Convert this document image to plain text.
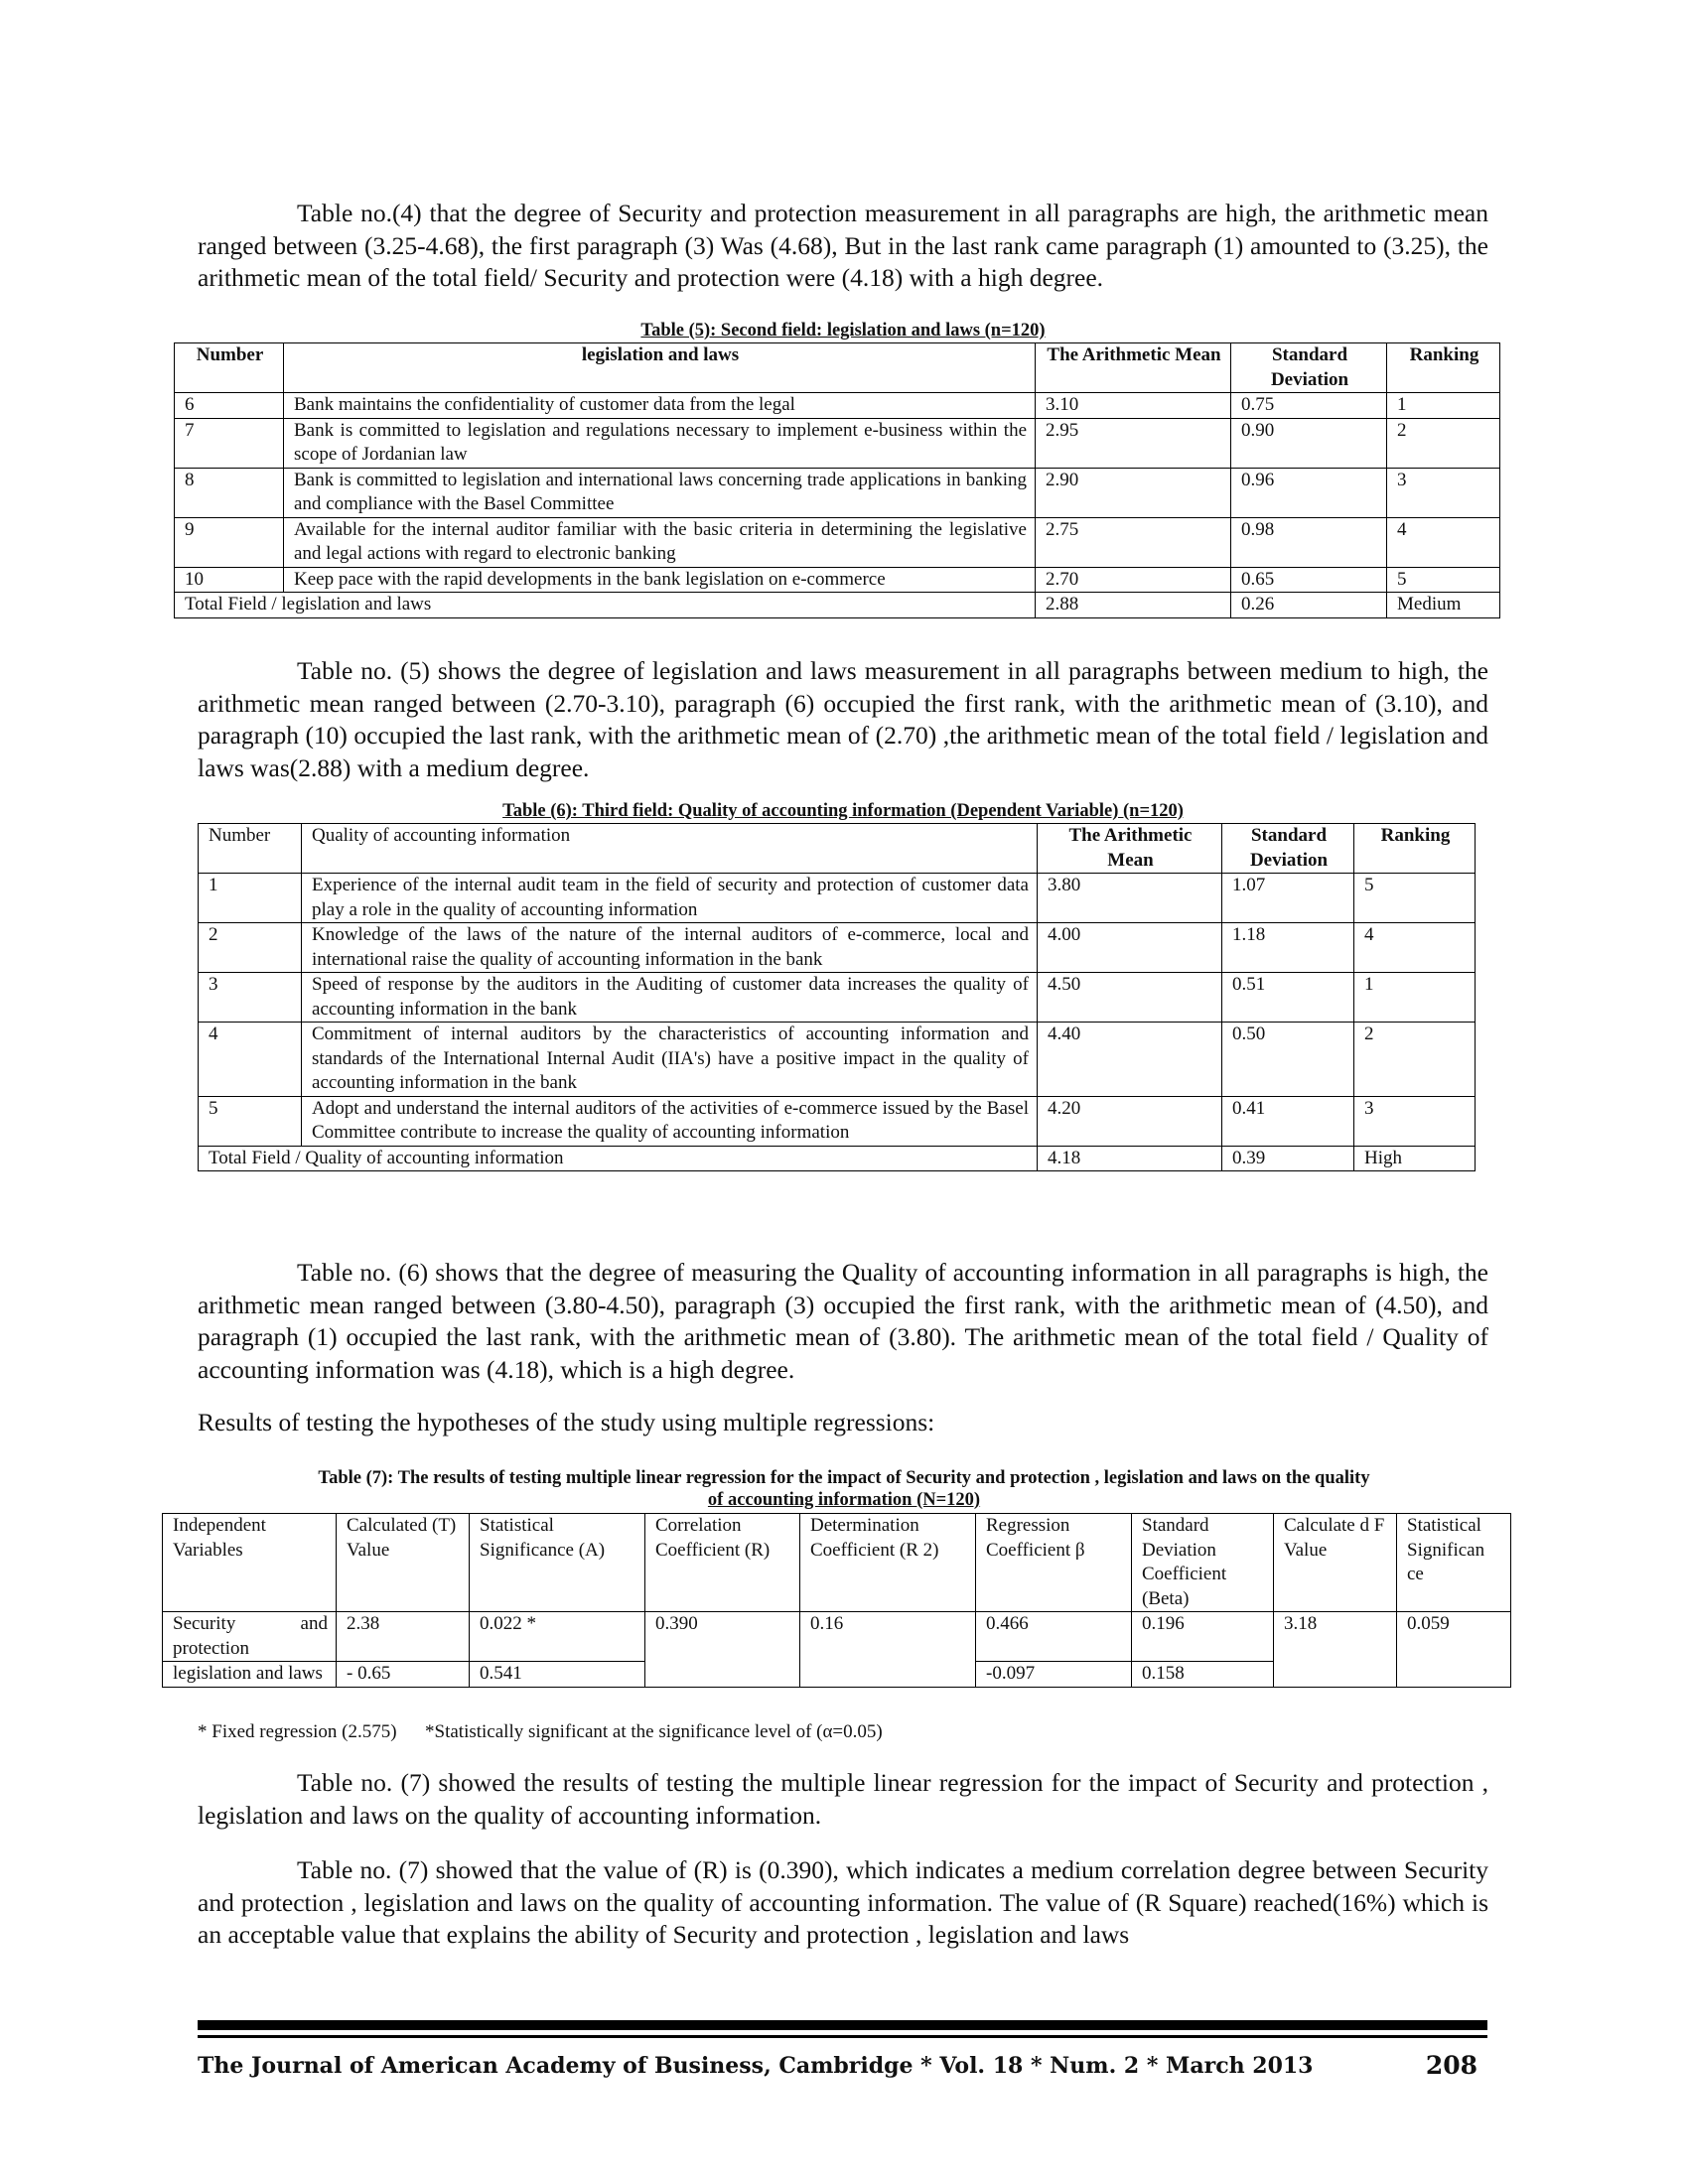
Table no.(4) that the degree of Security and protection measurement in all paragraphs are high, the arithmetic mean ranged between (3.25-4.68), the first paragraph (3) Was (4.68), But in the last rank came paragraph (1) amounted to (3.25), the arithmetic mean of the total field/ Security and protection were (4.18) with a high degree.

Table (5): Second field: legislation and laws (n=120)

Number	legislation and laws	The Arithmetic Mean	Standard Deviation	Ranking
6	Bank maintains the confidentiality of customer data from the legal	3.10	0.75	1
7	Bank is committed to legislation and regulations necessary to implement e-business within the scope of Jordanian law	2.95	0.90	2
8	Bank is committed to legislation and international laws concerning trade applications in banking and compliance with the Basel Committee	2.90	0.96	3
9	Available for the internal auditor familiar with the basic criteria in determining the legislative and legal actions with regard to electronic banking	2.75	0.98	4
10	Keep pace with the rapid developments in the bank legislation on e-commerce	2.70	0.65	5
Total Field / legislation and laws		2.88	0.26	Medium

Table no. (5) shows the degree of legislation and laws measurement in all paragraphs between medium to high, the arithmetic mean ranged between (2.70-3.10), paragraph (6) occupied the first rank, with the arithmetic mean of (3.10), and paragraph (10) occupied the last rank, with the arithmetic mean of (2.70) ,the arithmetic mean of the total field / legislation and laws was(2.88) with a medium degree.

Table (6): Third field: Quality of accounting information (Dependent Variable) (n=120)

Number	Quality of accounting information	The Arithmetic Mean	Standard Deviation	Ranking
1	Experience of the internal audit team in the field of security and protection of customer data play a role in the quality of accounting information	3.80	1.07	5
2	Knowledge of the laws of the nature of the internal auditors of e-commerce, local and international raise the quality of accounting information in the bank	4.00	1.18	4
3	Speed of response by the auditors in the Auditing of customer data increases the quality of accounting information in the bank	4.50	0.51	1
4	Commitment of internal auditors by the characteristics of accounting information and standards of the International Internal Audit (IIA's) have a positive impact in the quality of accounting information in the bank	4.40	0.50	2
5	Adopt and understand the internal auditors of the activities of e-commerce issued by the Basel Committee contribute to increase the quality of accounting information	4.20	0.41	3
Total Field / Quality of accounting information		4.18	0.39	High

Table no. (6) shows that the degree of measuring the Quality of accounting information in all paragraphs is high, the arithmetic mean ranged between (3.80-4.50), paragraph (3) occupied the first rank, with the arithmetic mean of (4.50), and paragraph (1) occupied the last rank, with the arithmetic mean of (3.80). The arithmetic mean of the total field / Quality of accounting information was (4.18), which is a high degree.

Results of testing the hypotheses of the study using multiple regressions:

Table (7): The results of testing multiple linear regression for the impact of Security and protection , legislation and laws on the quality
of accounting information (N=120)

Independent Variables	Calculated (T) Value	Statistical Significance (A)	Correlation Coefficient (R)	Determination Coefficient (R 2)	Regression Coefficient β	Standard Deviation Coefficient (Beta)	Calculate d F Value	Statistical Significan ce
Security and protection	2.38	0.022 *	0.390	0.16	0.466	0.196	3.18	0.059
legislation and laws	- 0.65	0.541			-0.097	0.158		

* Fixed regression (2.575)      *Statistically significant at the significance level of (α=0.05)

Table no. (7) showed the results of testing the multiple linear regression for the impact of Security and protection , legislation and laws on the quality of accounting information.

Table no. (7) showed that the value of (R) is (0.390), which indicates a medium correlation degree between Security and protection , legislation and laws on the quality of accounting information. The value of (R Square) reached(16%) which is an acceptable value that explains the ability of Security and protection , legislation and laws

The Journal of American Academy of Business, Cambridge * Vol. 18 * Num. 2 * March 2013	208
